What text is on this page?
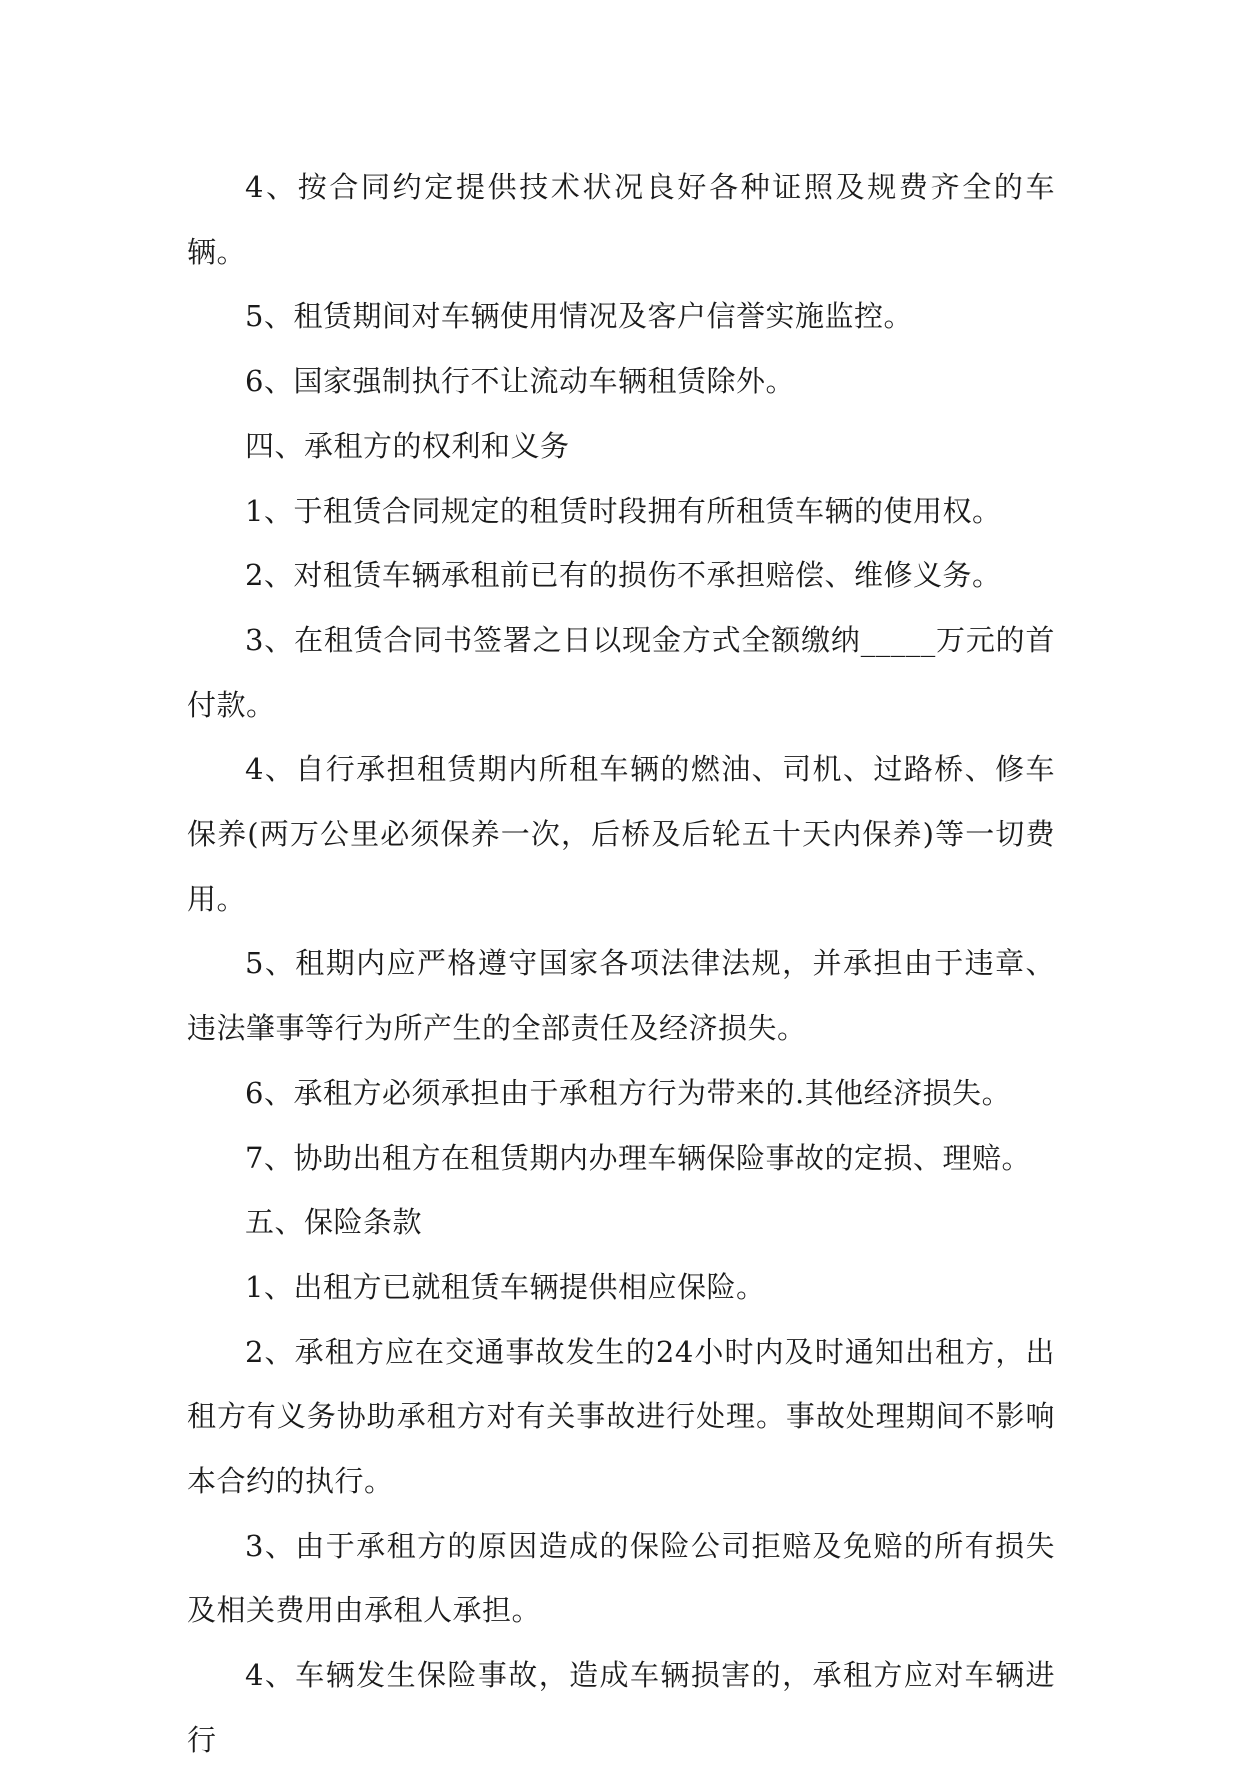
4、按合同约定提供技术状况良好各种证照及规费齐全的车辆。

5、租赁期间对车辆使用情况及客户信誉实施监控。

6、国家强制执行不让流动车辆租赁除外。

四、承租方的权利和义务

1、于租赁合同规定的租赁时段拥有所租赁车辆的使用权。

2、对租赁车辆承租前已有的损伤不承担赔偿、维修义务。

3、在租赁合同书签署之日以现金方式全额缴纳_____万元的首付款。

4、自行承担租赁期内所租车辆的燃油、司机、过路桥、修车保养(两万公里必须保养一次，后桥及后轮五十天内保养)等一切费用。

5、租期内应严格遵守国家各项法律法规，并承担由于违章、违法肇事等行为所产生的全部责任及经济损失。

6、承租方必须承担由于承租方行为带来的.其他经济损失。

7、协助出租方在租赁期内办理车辆保险事故的定损、理赔。

五、保险条款

1、出租方已就租赁车辆提供相应保险。

2、承租方应在交通事故发生的24小时内及时通知出租方，出租方有义务协助承租方对有关事故进行处理。事故处理期间不影响本合约的执行。

3、由于承租方的原因造成的保险公司拒赔及免赔的所有损失及相关费用由承租人承担。

4、车辆发生保险事故，造成车辆损害的，承租方应对车辆进行
